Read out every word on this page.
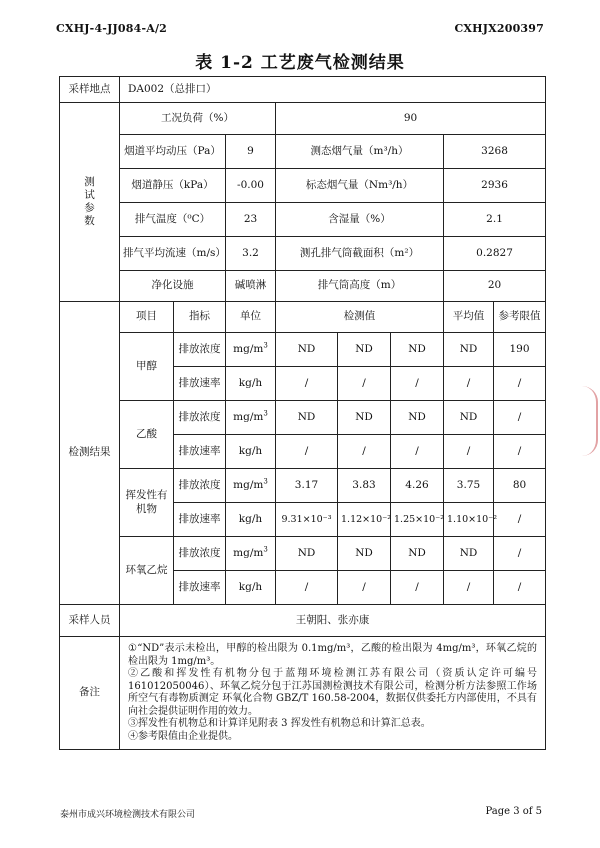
CXHJ-4-JJ084-A/2	CXHJX200397
表 1-2 工艺废气检测结果
采样地点	DA002（总排口）							
测
试
参
数	工况负荷（%）			90				
	烟道平均动压（Pa）		9	测态烟气量（m³/h）			3268	
	烟道静压（kPa）		-0.00	标态烟气量（Nm³/h）			2936	
	排气温度（⁰C）		23	含湿量（%）			2.1	
	排气平均流速（m/s）		3.2	测孔排气筒截面积（m²）			0.2827	
	净化设施		碱喷淋	排气筒高度（m）			20	
检测结果	项目	指标	单位	检测值			平均值	参考限值
	甲醇	排放浓度	$mg/m^3$	ND	ND	ND	ND	190
		排放速率	kg/h	/	/	/	/	/
	乙酸	排放浓度	$mg/m^3$	ND	ND	ND	ND	/
		排放速率	kg/h	/	/	/	/	/
	挥发性有机物	排放浓度	$mg/m^3$	3.17	3.83	4.26	3.75	80
		排放速率	kg/h	9.31×10⁻³	1.12×10⁻²	1.25×10⁻²	1.10×10⁻²	/
	环氧乙烷	排放浓度	$mg/m^3$	ND	ND	ND	ND	/
		排放速率	kg/h	/	/	/	/	/
采样人员	王朝阳、张亦康							
备注	①“ND”表示未检出，甲醇的检出限为 0.1mg/m³，乙酸的检出限为 4mg/m³，环氧乙烷的检出限为 1mg/m³。

②乙酸和挥发性有机物分包于蓝翔环境检测江苏有限公司（资质认定许可编号161012050046）、环氧乙烷分包于江苏国测检测技术有限公司，检测分析方法参照工作场所空气有毒物质测定 环氧化合物 GBZ/T 160.58-2004，数据仅供委托方内部使用，不具有向社会提供证明作用的效力。

③挥发性有机物总和计算详见附表 3 挥发性有机物总和计算汇总表。

④参考限值由企业提供。							

泰州市成兴环境检测技术有限公司	Page 3 of 5
